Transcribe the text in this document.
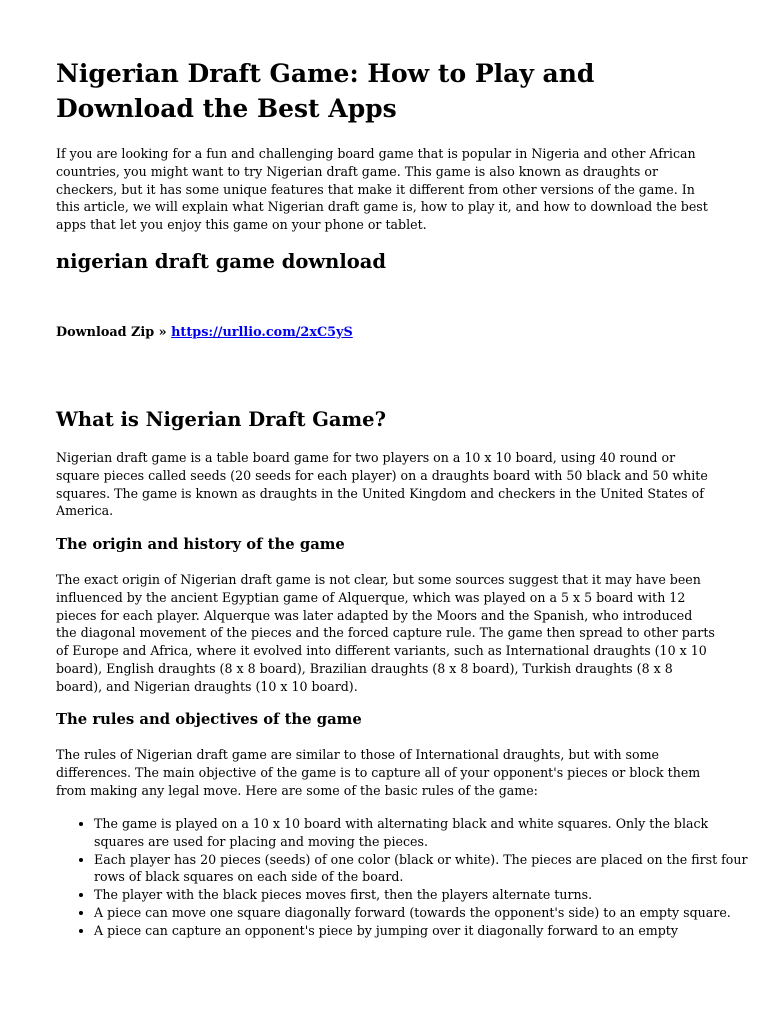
Nigerian Draft Game: How to Play and Download the Best Apps

If you are looking for a fun and challenging board game that is popular in Nigeria and other African countries, you might want to try Nigerian draft game. This game is also known as draughts or checkers, but it has some unique features that make it different from other versions of the game. In this article, we will explain what Nigerian draft game is, how to play it, and how to download the best apps that let you enjoy this game on your phone or tablet.

nigerian draft game download

Download Zip » https://urllio.com/2xC5yS

What is Nigerian Draft Game?

Nigerian draft game is a table board game for two players on a 10 x 10 board, using 40 round or square pieces called seeds (20 seeds for each player) on a draughts board with 50 black and 50 white squares. The game is known as draughts in the United Kingdom and checkers in the United States of America.

The origin and history of the game

The exact origin of Nigerian draft game is not clear, but some sources suggest that it may have been influenced by the ancient Egyptian game of Alquerque, which was played on a 5 x 5 board with 12 pieces for each player. Alquerque was later adapted by the Moors and the Spanish, who introduced the diagonal movement of the pieces and the forced capture rule. The game then spread to other parts of Europe and Africa, where it evolved into different variants, such as International draughts (10 x 10 board), English draughts (8 x 8 board), Brazilian draughts (8 x 8 board), Turkish draughts (8 x 8 board), and Nigerian draughts (10 x 10 board).

The rules and objectives of the game

The rules of Nigerian draft game are similar to those of International draughts, but with some differences. The main objective of the game is to capture all of your opponent's pieces or block them from making any legal move. Here are some of the basic rules of the game:

• The game is played on a 10 x 10 board with alternating black and white squares. Only the black squares are used for placing and moving the pieces.
• Each player has 20 pieces (seeds) of one color (black or white). The pieces are placed on the first four rows of black squares on each side of the board.
• The player with the black pieces moves first, then the players alternate turns.
• A piece can move one square diagonally forward (towards the opponent's side) to an empty square.
• A piece can capture an opponent's piece by jumping over it diagonally forward to an empty
